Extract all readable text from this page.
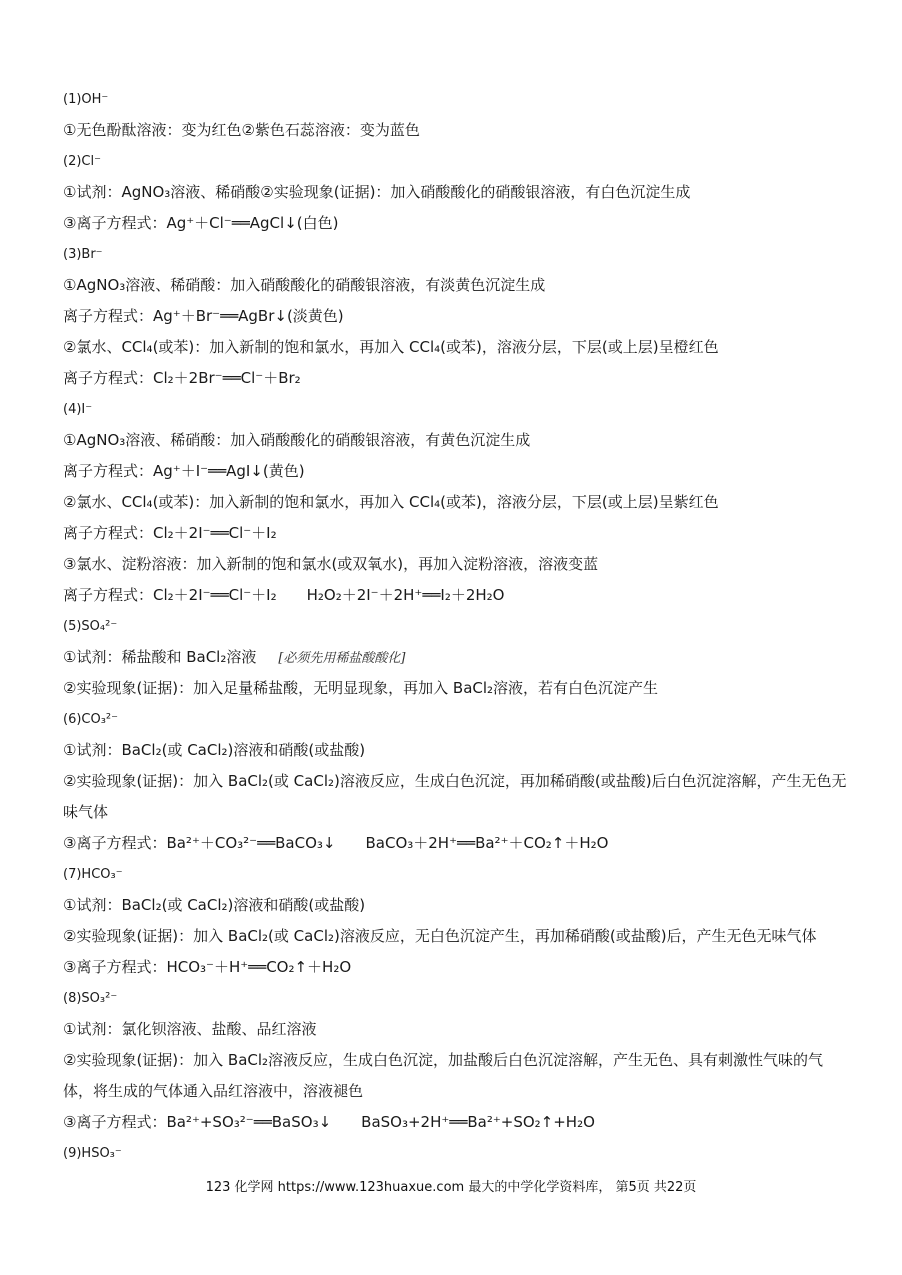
(1)OH⁻
①无色酚酞溶液：变为红色②紫色石蕊溶液：变为蓝色
(2)Cl⁻
①试剂：AgNO₃溶液、稀硝酸②实验现象(证据)：加入硝酸酸化的硝酸银溶液，有白色沉淀生成
③离子方程式：Ag⁺＋Cl⁻══AgCl↓(白色)
(3)Br⁻
①AgNO₃溶液、稀硝酸：加入硝酸酸化的硝酸银溶液，有淡黄色沉淀生成
离子方程式：Ag⁺＋Br⁻══AgBr↓(淡黄色)
②氯水、CCl₄(或苯)：加入新制的饱和氯水，再加入 CCl₄(或苯)，溶液分层，下层(或上层)呈橙红色
离子方程式：Cl₂＋2Br⁻══Cl⁻＋Br₂
(4)I⁻
①AgNO₃溶液、稀硝酸：加入硝酸酸化的硝酸银溶液，有黄色沉淀生成
离子方程式：Ag⁺＋I⁻══AgI↓(黄色)
②氯水、CCl₄(或苯)：加入新制的饱和氯水，再加入 CCl₄(或苯)，溶液分层，下层(或上层)呈紫红色
离子方程式：Cl₂＋2I⁻══Cl⁻＋I₂
③氯水、淀粉溶液：加入新制的饱和氯水(或双氧水)，再加入淀粉溶液，溶液变蓝
离子方程式：Cl₂＋2I⁻══Cl⁻＋I₂　　H₂O₂＋2I⁻＋2H⁺══I₂＋2H₂O
(5)SO₄²⁻
①试剂：稀盐酸和 BaCl₂溶液 [必须先用稀盐酸酸化]
②实验现象(证据)：加入足量稀盐酸，无明显现象，再加入 BaCl₂溶液，若有白色沉淀产生
(6)CO₃²⁻
①试剂：BaCl₂(或 CaCl₂)溶液和硝酸(或盐酸)
②实验现象(证据)：加入 BaCl₂(或 CaCl₂)溶液反应，生成白色沉淀，再加稀硝酸(或盐酸)后白色沉淀溶解，产生无色无味气体
③离子方程式：Ba²⁺＋CO₃²⁻══BaCO₃↓　　BaCO₃＋2H⁺══Ba²⁺＋CO₂↑＋H₂O
(7)HCO₃⁻
①试剂：BaCl₂(或 CaCl₂)溶液和硝酸(或盐酸)
②实验现象(证据)：加入 BaCl₂(或 CaCl₂)溶液反应，无白色沉淀产生，再加稀硝酸(或盐酸)后，产生无色无味气体
③离子方程式：HCO₃⁻＋H⁺══CO₂↑＋H₂O
(8)SO₃²⁻
①试剂：氯化钡溶液、盐酸、品红溶液
②实验现象(证据)：加入 BaCl₂溶液反应，生成白色沉淀，加盐酸后白色沉淀溶解，产生无色、具有刺激性气味的气体，将生成的气体通入品红溶液中，溶液褪色
③离子方程式：Ba²⁺+SO₃²⁻══BaSO₃↓　　BaSO₃+2H⁺══Ba²⁺+SO₂↑+H₂O
(9)HSO₃⁻
123 化学网 https://www.123huaxue.com 最大的中学化学资料库， 第5页 共22页
